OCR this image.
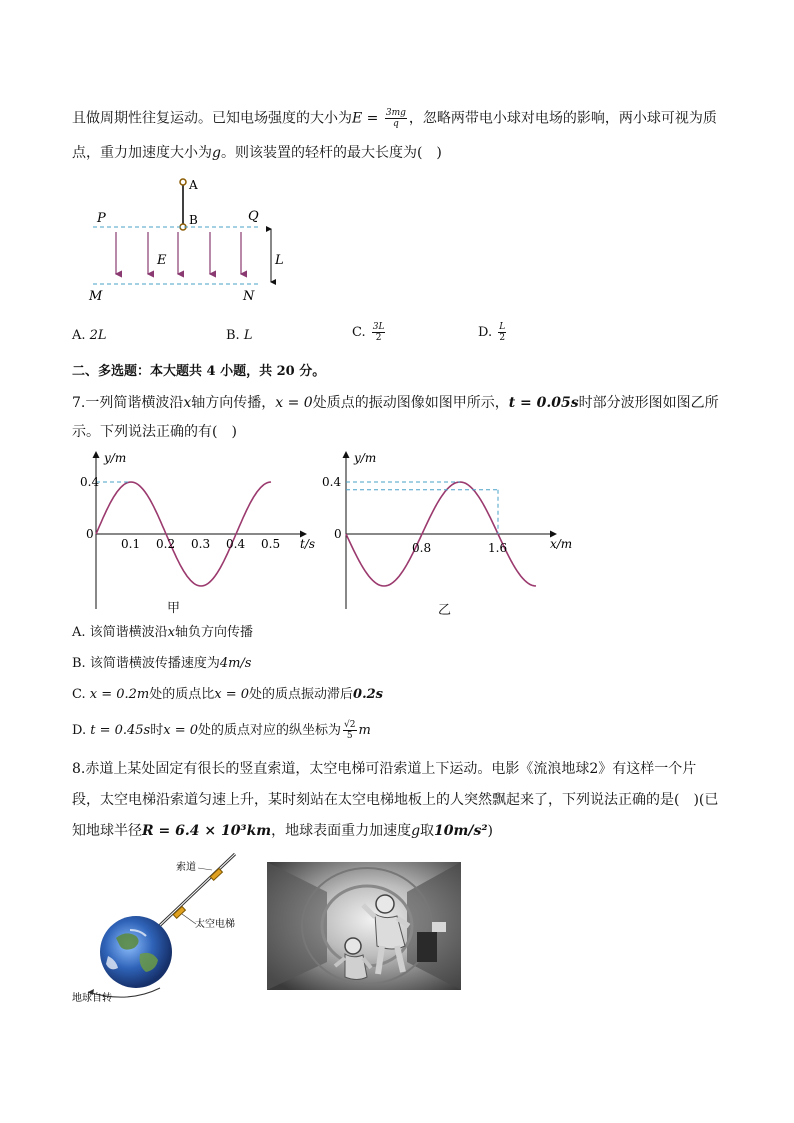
且做周期性往复运动。已知电场强度的大小为$E = \frac{3mg}{q}$ ，忽略两带电小球对电场的影响，两小球可视为质
点，重力加速度大小为g。则该装置的轻杆的最大长度为(　)
A
B
P	Q
M	N
E	L
A. 2L	B. L	C. $\frac{3L}{2}$	D. $\frac{L}{2}$
二、多选题：本大题共 4 小题，共 20 分。
7.一列简谐横波沿x轴方向传播，x = 0处质点的振动图像如图甲所示，t = 0.05s时部分波形图如图乙所
示。下列说法正确的有(　)
y/m
t/s
0.4
0
0.1 0.2 0.3 0.4 0.5
y/m
x/m
0.4
0
0.8	1.6
甲	乙
A. 该简谐横波沿x轴负方向传播
B. 该简谐横波传播速度为4m/s
C. x = 0.2m处的质点比x = 0处的质点振动滞后0.2s
D. t = 0.45s时x = 0处的质点对应的纵坐标为 $\frac{√2}{5}$ m
8.赤道上某处固定有很长的竖直索道，太空电梯可沿索道上下运动。电影《流浪地球2》有这样一个片
段，太空电梯沿索道匀速上升，某时刻站在太空电梯地板上的人突然飘起来了，下列说法正确的是(　)(已
知地球半径R = 6.4 × 10³km，地球表面重力加速度g取10m/s²)
索道
太空电梯
地球自转
